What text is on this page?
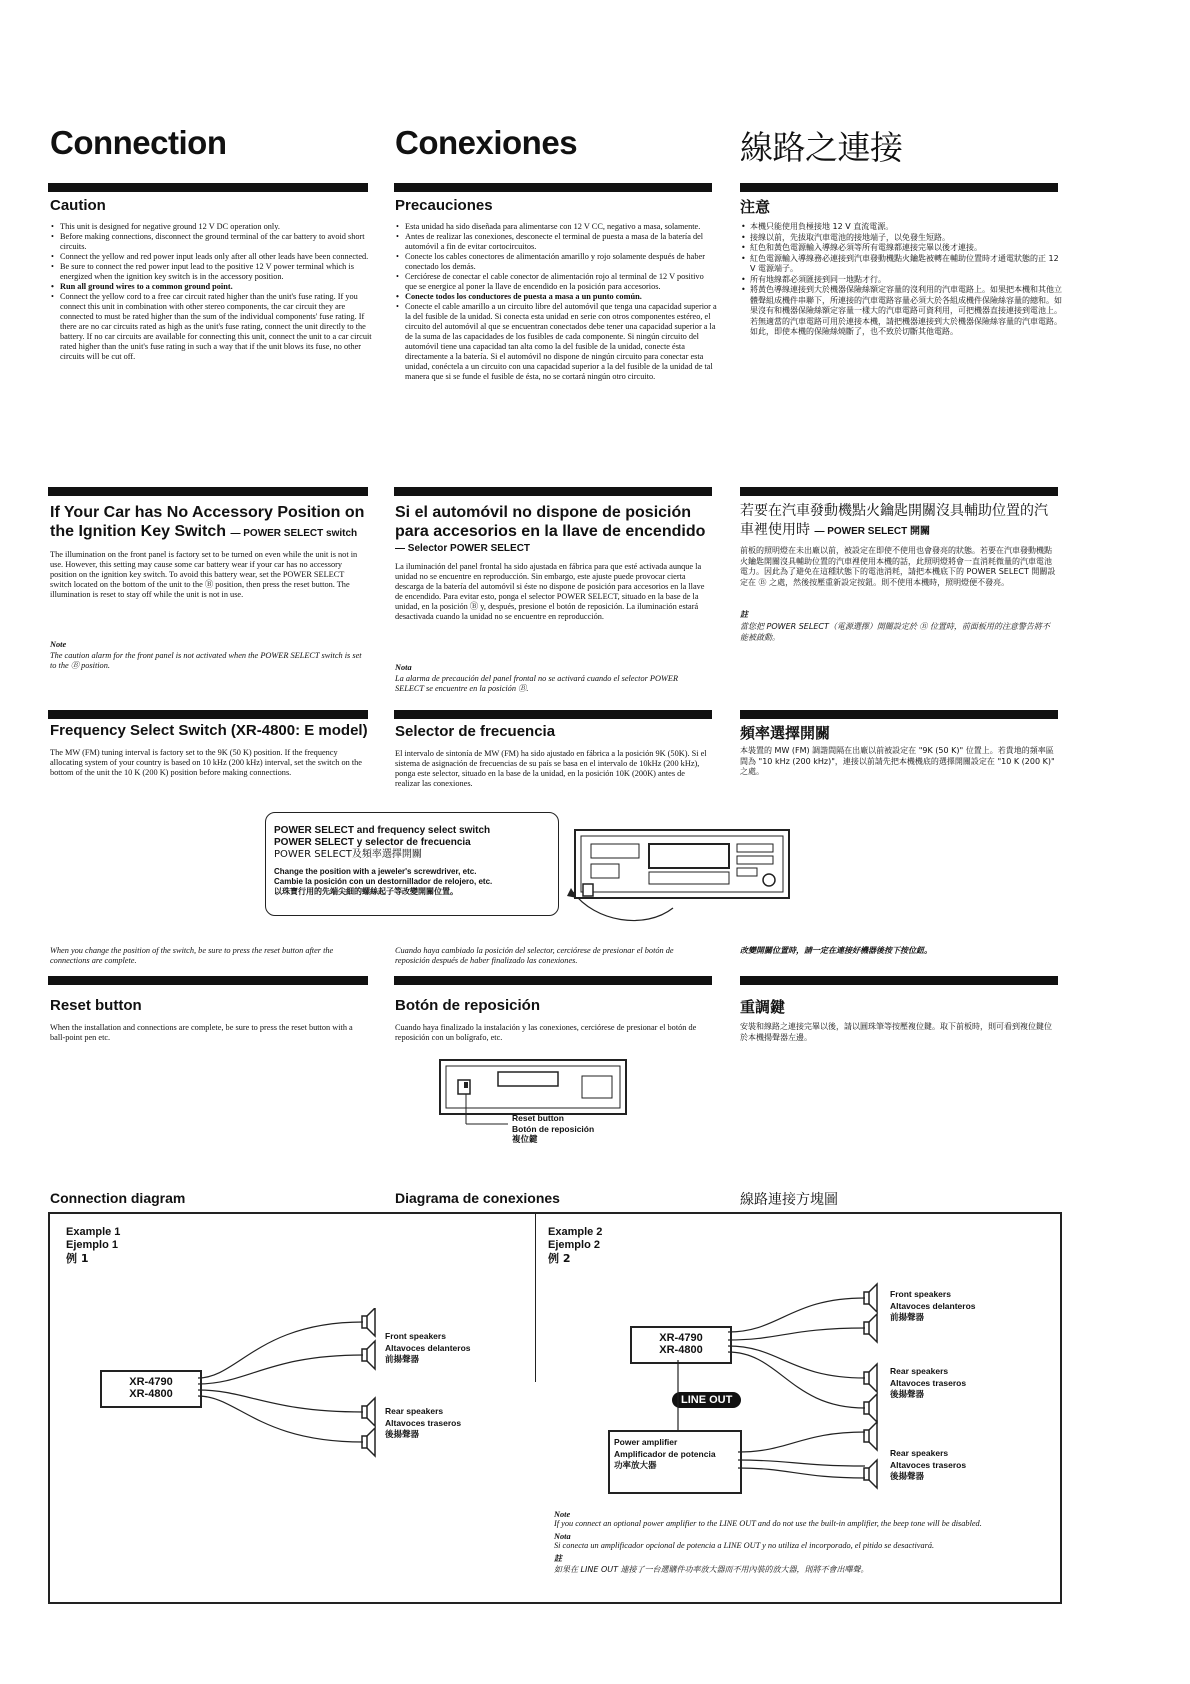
Connection	Conexiones	線路之連接
Caution	Precauciones	注意
• This unit is designed for negative ground 12 V DC operation only.
• Before making connections, disconnect the ground terminal of the car battery to avoid short circuits.
• Connect the yellow and red power input leads only after all other leads have been connected.
• Be sure to connect the red power input lead to the positive 12 V power terminal which is energized when the ignition key switch is in the accessory position.
• Run all ground wires to a common ground point.
• Connect the yellow cord to a free car circuit rated higher than the unit's fuse rating. If you connect this unit in combination with other stereo components, the car circuit they are connected to must be rated higher than the sum of the individual components' fuse rating. If there are no car circuits rated as high as the unit's fuse rating, connect the unit directly to the battery. If no car circuits are available for connecting this unit, connect the unit to a car circuit rated higher than the unit's fuse rating in such a way that if the unit blows its fuse, no other circuits will be cut off.
• Esta unidad ha sido diseñada para alimentarse con 12 V CC, negativo a masa, solamente.
• Antes de realizar las conexiones, desconecte el terminal de puesta a masa de la batería del automóvil a fin de evitar cortocircuitos.
• Conecte los cables conectores de alimentación amarillo y rojo solamente después de haber conectado los demás.
• Cerciórese de conectar el cable conector de alimentación rojo al terminal de 12 V positivo que se energice al poner la llave de encendido en la posición para accesorios.
• Conecte todos los conductores de puesta a masa a un punto común.
• Conecte el cable amarillo a un circuito libre del automóvil que tenga una capacidad superior a la del fusible de la unidad. Si conecta esta unidad en serie con otros componentes estéreo, el circuito del automóvil al que se encuentran conectados debe tener una capacidad superior a la de la suma de las capacidades de los fusibles de cada componente. Si ningún circuito del automóvil tiene una capacidad tan alta como la del fusible de la unidad, conecte ésta directamente a la batería. Si el automóvil no dispone de ningún circuito para conectar esta unidad, conéctela a un circuito con una capacidad superior a la del fusible de la unidad de tal manera que si se funde el fusible de ésta, no se cortará ningún otro circuito.
• 本機只能使用負極接地 12 V 直流電源。
• 接線以前，先拔取汽車電池的接地端子，以免發生短路。
• 紅色和黃色電源輸入導線必須等所有電線都連接完畢以後才連接。
• 紅色電源輸入導線務必連接到汽車發動機點火鑰匙被轉在輔助位置時才通電狀態的正 12 V 電源端子。
• 所有地線都必須匯接到同一地點才行。
• 將黃色導線連接到大於機器保險絲額定容量的沒利用的汽車電路上。如果把本機和其他立體聲組成機件串聯下，所連接的汽車電路容量必須大於各組成機件保險絲容量的總和。如果沒有和機器保險絲額定容量一樣大的汽車電路可資利用，可把機器直接連接到電池上。若無適當的汽車電路可用於連接本機，請把機器連接到大於機器保險絲容量的汽車電路。如此，即使本機的保險絲燒斷了，也不致於切斷其他電路。
If Your Car has No Accessory Position on the Ignition Key Switch — POWER SELECT switch
Si el automóvil no dispone de posición para accesorios en la llave de encendido
— Selector POWER SELECT
若要在汽車發動機點火鑰匙開關沒具輔助位置的汽車裡使用時 — POWER SELECT 開關
The illumination on the front panel is factory set to be turned on even while the unit is not in use. However, this setting may cause some car battery wear if your car has no accessory position on the ignition key switch. To avoid this battery wear, set the POWER SELECT switch located on the bottom of the unit to the Ⓑ position, then press the reset button. The illumination is reset to stay off while the unit is not in use.
Note
The caution alarm for the front panel is not activated when the POWER SELECT switch is set to the Ⓑ position.
La iluminación del panel frontal ha sido ajustada en fábrica para que esté activada aunque la unidad no se encuentre en reproducción. Sin embargo, este ajuste puede provocar cierta descarga de la batería del automóvil si éste no dispone de posición para accesorios en la llave de encendido. Para evitar esto, ponga el selector POWER SELECT, situado en la base de la unidad, en la posición Ⓑ y, después, presione el botón de reposición. La iluminación estará desactivada cuando la unidad no se encuentre en reproducción.
Nota
La alarma de precaución del panel frontal no se activará cuando el selector POWER SELECT se encuentre en la posición Ⓑ.
前板的照明燈在未出廠以前，被設定在即使不使用也會發亮的狀態。若要在汽車發動機點火鑰匙開關沒具輔助位置的汽車裡使用本機的話，此照明燈將會一直消耗微量的汽車電池電力。因此為了避免在這種狀態下的電池消耗，請把本機底下的 POWER SELECT 開關設定在 Ⓑ 之處，然後按壓重新設定按鈕。則不使用本機時，照明燈便不發亮。
註
當您把 POWER SELECT（電源選擇）開關設定於 Ⓑ 位置時，前面板用的注意警告將不能被啟動。
Frequency Select Switch (XR-4800: E model) Selector de frecuencia	頻率選擇開關
The MW (FM) tuning interval is factory set to the 9K (50 K) position. If the frequency allocating system of your country is based on 10 kHz (200 kHz) interval, set the switch on the bottom of the unit the 10 K (200 K) position before making connections.
El intervalo de sintonía de MW (FM) ha sido ajustado en fábrica a la posición 9K (50K). Si el sistema de asignación de frecuencias de su país se basa en el intervalo de 10kHz (200 kHz), ponga este selector, situado en la base de la unidad, en la posición 10K (200K) antes de realizar las conexiones.
本裝置的 MW (FM) 調諧間隔在出廠以前被設定在 "9K (50 K)" 位置上。若貴地的頻率區間為 "10 kHz (200 kHz)"，連接以前請先把本機機底的選擇開關設定在 "10 K (200 K)" 之處。
POWER SELECT and frequency select switch
POWER SELECT y selector de frecuencia
POWER SELECT及頻率選擇開關
Change the position with a jeweler's screwdriver, etc.
Cambie la posición con un destornillador de relojero, etc.
以珠寶行用的先端尖細的螺絲起子等改變開關位置。
When you change the position of the switch, be sure to press the reset button after the connections are complete.
Cuando haya cambiado la posición del selector, cerciórese de presionar el botón de reposición después de haber finalizado las conexiones.
改變開關位置時，請一定在連接好機器後按下按位鈕。
Reset button	Botón de reposición	重調鍵
When the installation and connections are complete, be sure to press the reset button with a ball-point pen etc.
Cuando haya finalizado la instalación y las conexiones, cerciórese de presionar el botón de reposición con un bolígrafo, etc.
安裝和線路之連接完畢以後，請以圓珠筆等按壓複位鍵。取下前板時，則可看到複位鍵位於本機揚聲器左邊。
Reset button
Botón de reposición
複位鍵
Connection diagram	Diagrama de conexiones	線路連接方塊圖
Example 1
Ejemplo 1
例 1
XR-4790
XR-4800
Front speakers
Altavoces delanteros
前揚聲器
Rear speakers
Altavoces traseros
後揚聲器
Example 2
Ejemplo 2
例 2
XR-4790
XR-4800
LINE OUT
Power amplifier
Amplificador de potencia
功率放大器
Front speakers
Altavoces delanteros
前揚聲器
Rear speakers
Altavoces traseros
後揚聲器
Rear speakers
Altavoces traseros
後揚聲器
Note
If you connect an optional power amplifier to the LINE OUT and do not use the built-in amplifier, the beep tone will be disabled.
Nota
Si conecta un amplificador opcional de potencia a LINE OUT y no utiliza el incorporado, el pitido se desactivará.
註
如果在 LINE OUT 連接了一台選購件功率放大器而不用內裝的放大器，則將不會出嗶聲。
